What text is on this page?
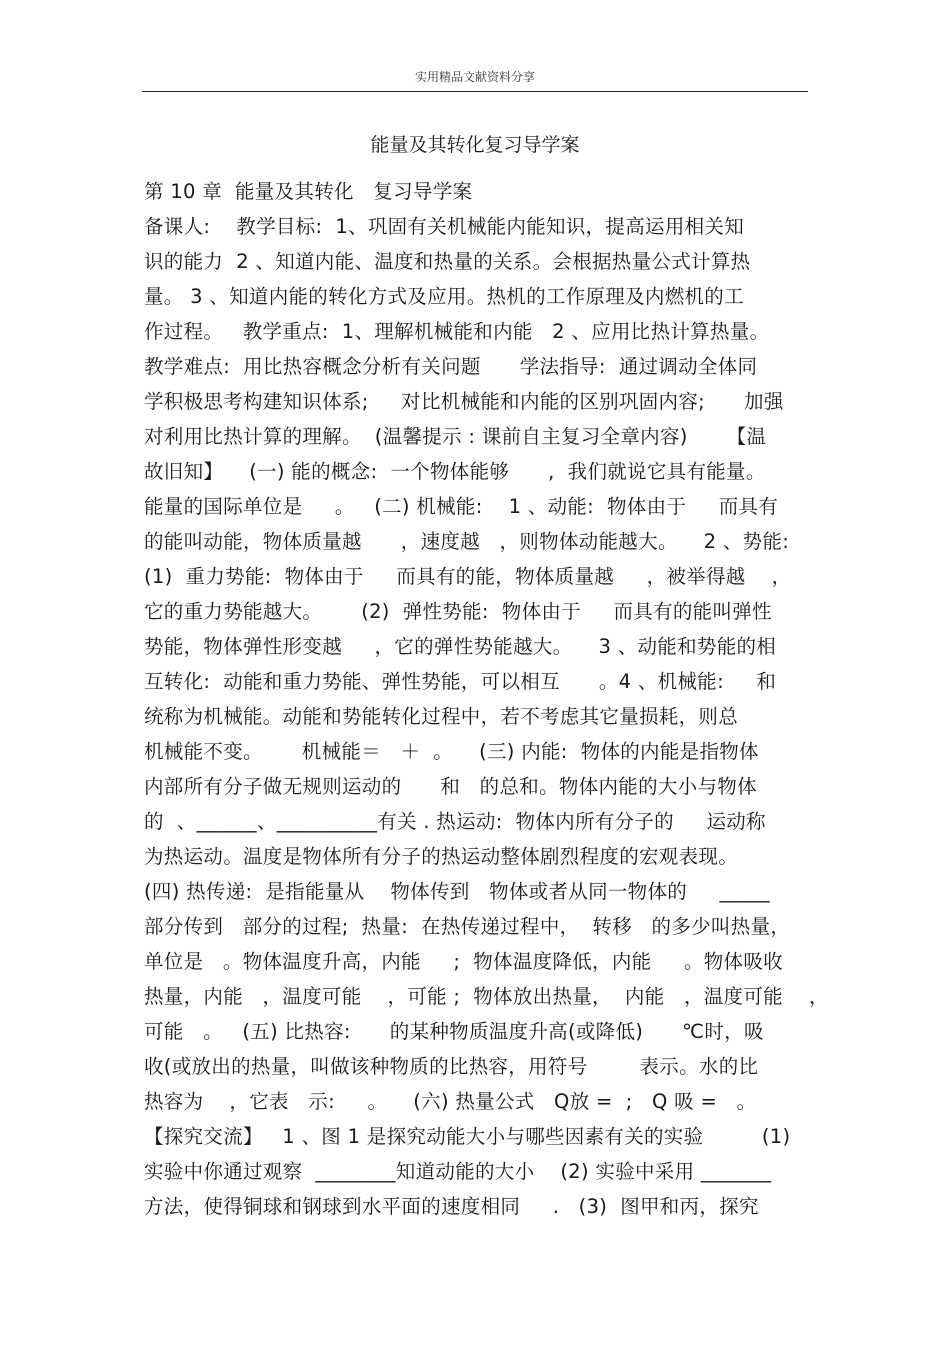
实用精品文献资料分享
能量及其转化复习导学案
第 10 章  能量及其转化   复习导学案
备课人:    教学目标:  1、巩固有关机械能内能知识，提高运用相关知
识的能力  2 、知道内能、温度和热量的关系。会根据热量公式计算热
量。 3 、知道内能的转化方式及应用。热机的工作原理及内燃机的工
作过程。   教学重点:  1、理解机械能和内能   2 、应用比热计算热量。
教学难点:  用比热容概念分析有关问题      学法指导:  通过调动全体同
学积极思考构建知识体系;     对比机械能和内能的区别巩固内容;      加强
对利用比热计算的理解。  (温馨提示 : 课前自主复习全章内容)      【温
故旧知】    (一) 能的概念:  一个物体能够      ,  我们就说它具有能量。
能量的国际单位是     。   (二) 机械能:    1 、动能:  物体由于     而具有
的能叫动能，物体质量越      ，速度越   ，则物体动能越大。    2 、势能:
(1)  重力势能:  物体由于     而具有的能，物体质量越     ，被举得越    ，
它的重力势能越大。      (2)  弹性势能:  物体由于     而具有的能叫弹性
势能，物体弹性形变越     ，它的弹性势能越大。    3 、动能和势能的相
互转化:  动能和重力势能、弹性势能，可以相互      。4 、机械能:     和
统称为机械能。动能和势能转化过程中，若不考虑其它量损耗，则总
机械能不变。      机械能＝   ＋  。    (三) 内能:  物体的内能是指物体
内部所有分子做无规则运动的      和   的总和。物体内能的大小与物体
的  、______、__________有关 . 热运动:  物体内所有分子的     运动称
为热运动。温度是物体所有分子的热运动整体剧烈程度的宏观表现。
(四) 热传递:  是指能量从    物体传到   物体或者从同一物体的     _____
部分传到   部分的过程;  热量:  在热传递过程中，  转移   的多少叫热量，
单位是   。物体温度升高，内能     ;  物体温度降低，内能     。物体吸收
热量，内能   ，温度可能    ，可能 ;  物体放出热量，  内能   ，温度可能    ，
可能   。   (五) 比热容:      的某种物质温度升高(或降低)      ℃时，吸
收(或放出的热量，叫做该种物质的比热容，用符号        表示。水的比
热容为    ，它表   示:     。    (六) 热量公式   Q放 =  ;   Q 吸 =   。
【探究交流】   1 、图 1 是探究动能大小与哪些因素有关的实验         (1)
实验中你通过观察  ________知道动能的大小    (2) 实验中采用 _______
方法，使得铜球和钢球到水平面的速度相同     .   (3)  图甲和丙，探究
